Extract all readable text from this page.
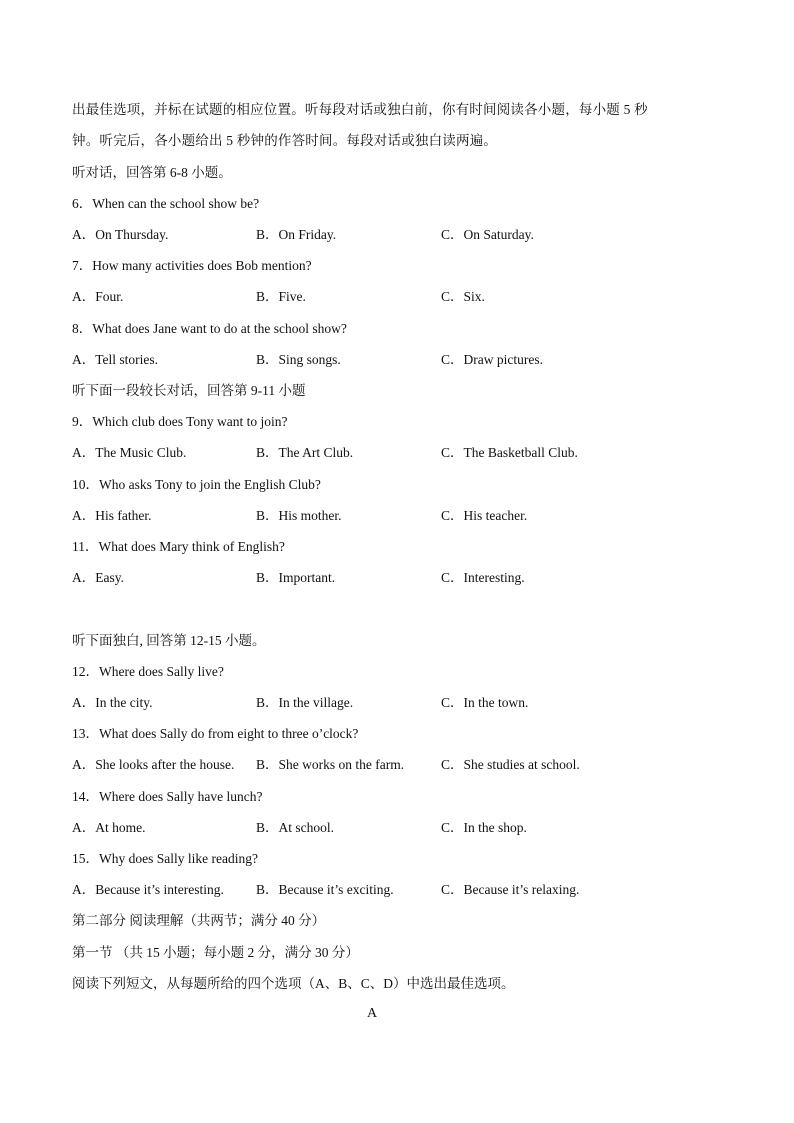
出最佳选项，并标在试题的相应位置。听每段对话或独白前，你有时间阅读各小题，每小题 5 秒
钟。听完后，各小题给出 5 秒钟的作答时间。每段对话或独白读两遍。
听对话，回答第 6-8 小题。
6．When can the school show be?
A．On Thursday.	B．On Friday.	C．On Saturday.
7．How many activities does Bob mention?
A．Four.	B．Five.	C．Six.
8．What does Jane want to do at the school show?
A．Tell stories.	B．Sing songs.	C．Draw pictures.
听下面一段较长对话，回答第 9-11 小题
9．Which club does Tony want to join?
A．The Music Club.	B．The Art Club.	C．The Basketball Club.
10．Who asks Tony to join the English Club?
A．His father.	B．His mother.	C．His teacher.
11．What does Mary think of English?
A．Easy.	B．Important.	C．Interesting.
听下面独白, 回答第 12-15 小题。
12．Where does Sally live?
A．In the city.	B．In the village.	C．In the town.
13．What does Sally do from eight to three o’clock?
A．She looks after the house. B．She works on the farm.	C．She studies at school.
14．Where does Sally have lunch?
A．At home.	B．At school.	C．In the shop.
15．Why does Sally like reading?
A．Because it’s interesting. B．Because it’s exciting.	C．Because it’s relaxing.
第二部分 阅读理解（共两节；满分 40 分）
第一节 （共 15 小题；每小题 2 分，满分 30 分）
阅读下列短文，从每题所给的四个选项（A、B、C、D）中选出最佳选项。
A
